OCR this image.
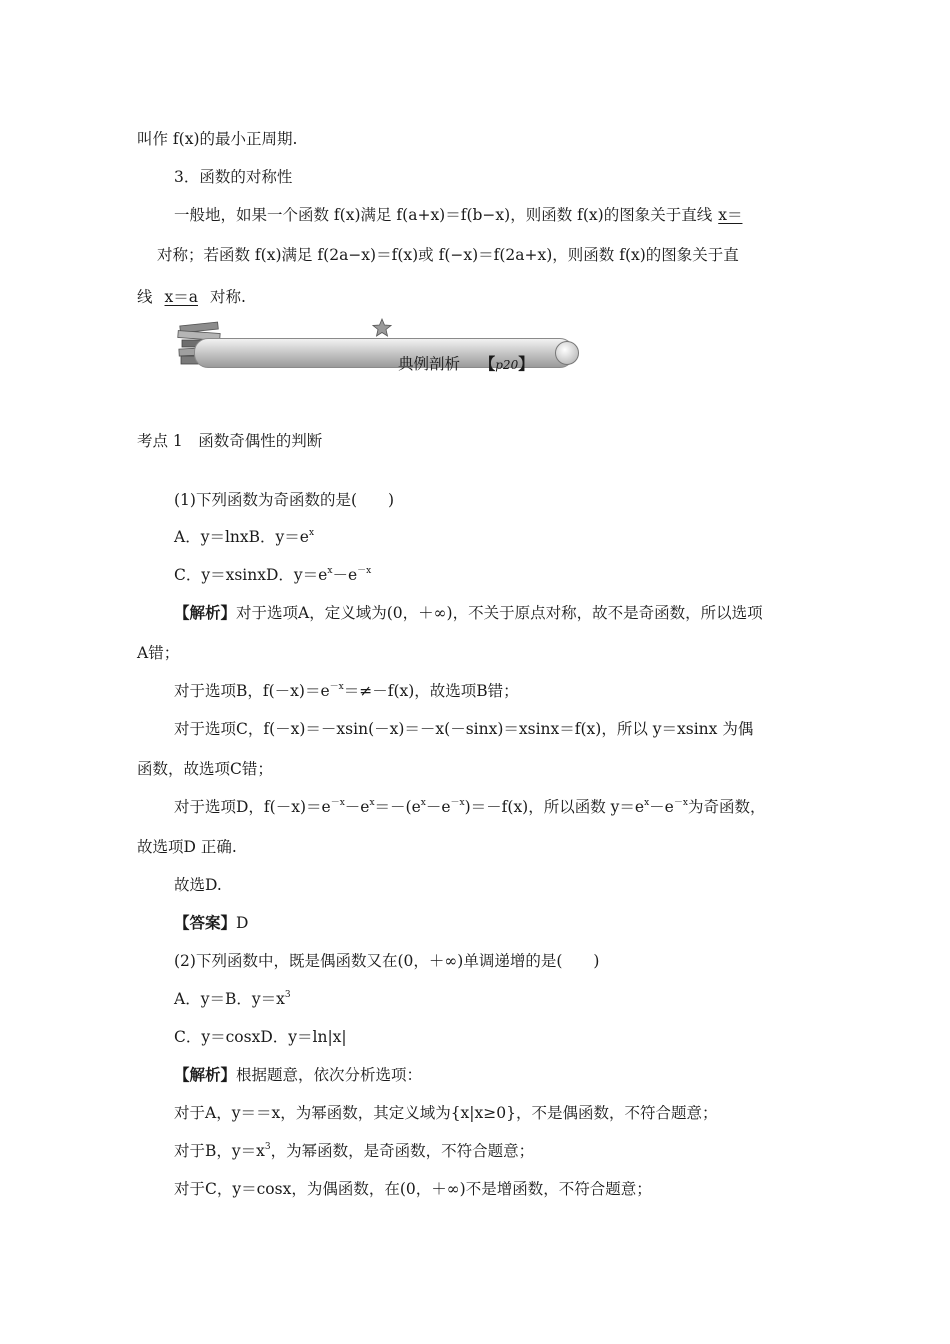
叫作 f(x)的最小正周期.
3．函数的对称性
一般地，如果一个函数 f(x)满足 f(a+x)＝f(b−x)，则函数 f(x)的图象关于直线 x＝
对称；若函数 f(x)满足 f(2a−x)＝f(x)或 f(−x)＝f(2a+x)，则函数 f(x)的图象关于直
线 x＝a 对称.
典例剖析 【p20】
考点 1　函数奇偶性的判断
(1)下列函数为奇函数的是(　　)
A．y＝lnxB．$y=e^x$
C．y＝xsinxD．$y=e^x-e^{-x}$
【解析】对于选项A，定义域为(0，＋∞)，不关于原点对称，故不是奇函数，所以选项
A错；
对于选项B，$f(-x)=e^{-x}=\ne-f(x)$，故选项B错；
对于选项C，f(－x)＝－xsin(－x)＝－x(－sinx)＝xsinx＝f(x)，所以 y＝xsinx 为偶
函数，故选项C错；
对于选项D，$f(-x)=e^{-x}-e^x=-(e^x-e^{-x})=-f(x)$，所以函数 $y=e^x-e^{-x}$为奇函数，
故选项D 正确.
故选D.
【答案】D
(2)下列函数中，既是偶函数又在(0，＋∞)单调递增的是(　　)
A．y＝B．$y=x^3$
C．y＝cosxD．y＝ln|x|
【解析】根据题意，依次分析选项：
对于A，y＝＝x，为幂函数，其定义域为{x|x≥0}，不是偶函数，不符合题意；
对于B，$y=x^3$，为幂函数，是奇函数，不符合题意；
对于C，y＝cosx，为偶函数，在(0，＋∞)不是增函数，不符合题意；
